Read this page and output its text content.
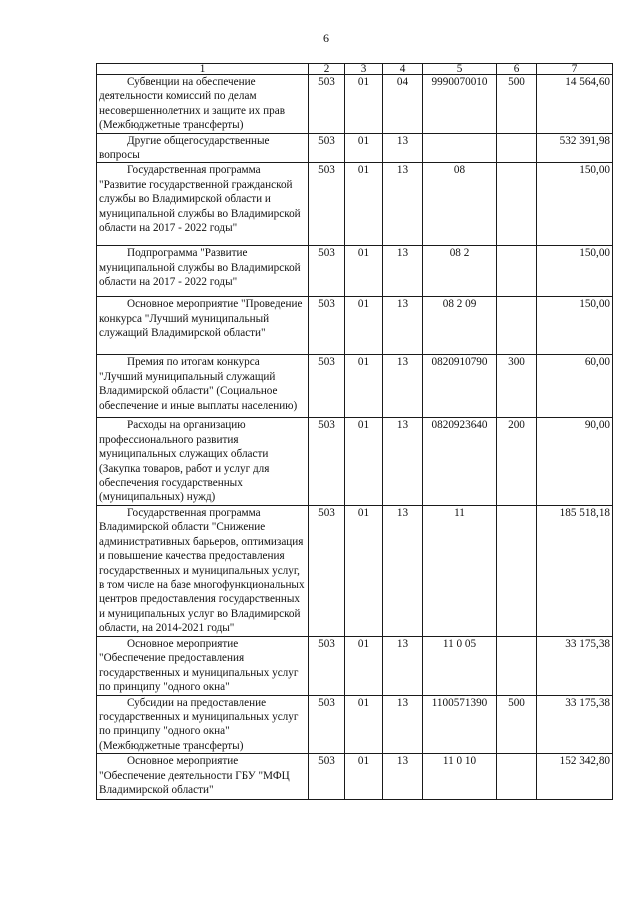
6
1	2	3	4	5	6	7
Субвенции на обеспечение деятельности комиссий по делам несовершеннолетних и защите их прав (Межбюджетные трансферты)	503	01	04	9990070010	500	14 564,60
Другие общегосударственные вопросы	503	01	13			532 391,98
Государственная программа "Развитие государственной гражданской службы во Владимирской области и муниципальной службы во Владимирской области на 2017 - 2022 годы"	503	01	13	08		150,00
Подпрограмма "Развитие муниципальной службы во Владимирской области на 2017 - 2022 годы"	503	01	13	08 2		150,00
Основное мероприятие "Проведение конкурса "Лучший муниципальный служащий Владимирской области"	503	01	13	08 2 09		150,00
Премия по итогам конкурса "Лучший муниципальный служащий Владимирской области" (Социальное обеспечение и иные выплаты населению)	503	01	13	0820910790	300	60,00
Расходы на организацию профессионального развития муниципальных служащих области (Закупка товаров, работ и услуг для обеспечения государственных (муниципальных) нужд)	503	01	13	0820923640	200	90,00
Государственная программа Владимирской области "Снижение административных барьеров, оптимизация и повышение качества предоставления государственных и муниципальных услуг, в том числе на базе многофункциональных центров предоставления государственных и муниципальных услуг во Владимирской области, на 2014-2021 годы"	503	01	13	11		185 518,18
Основное мероприятие "Обеспечение предоставления государственных и муниципальных услуг по принципу "одного окна"	503	01	13	11 0 05		33 175,38
Субсидии на предоставление государственных и муниципальных услуг по принципу "одного окна" (Межбюджетные трансферты)	503	01	13	1100571390	500	33 175,38
Основное мероприятие "Обеспечение деятельности ГБУ "МФЦ Владимирской области"	503	01	13	11 0 10		152 342,80
